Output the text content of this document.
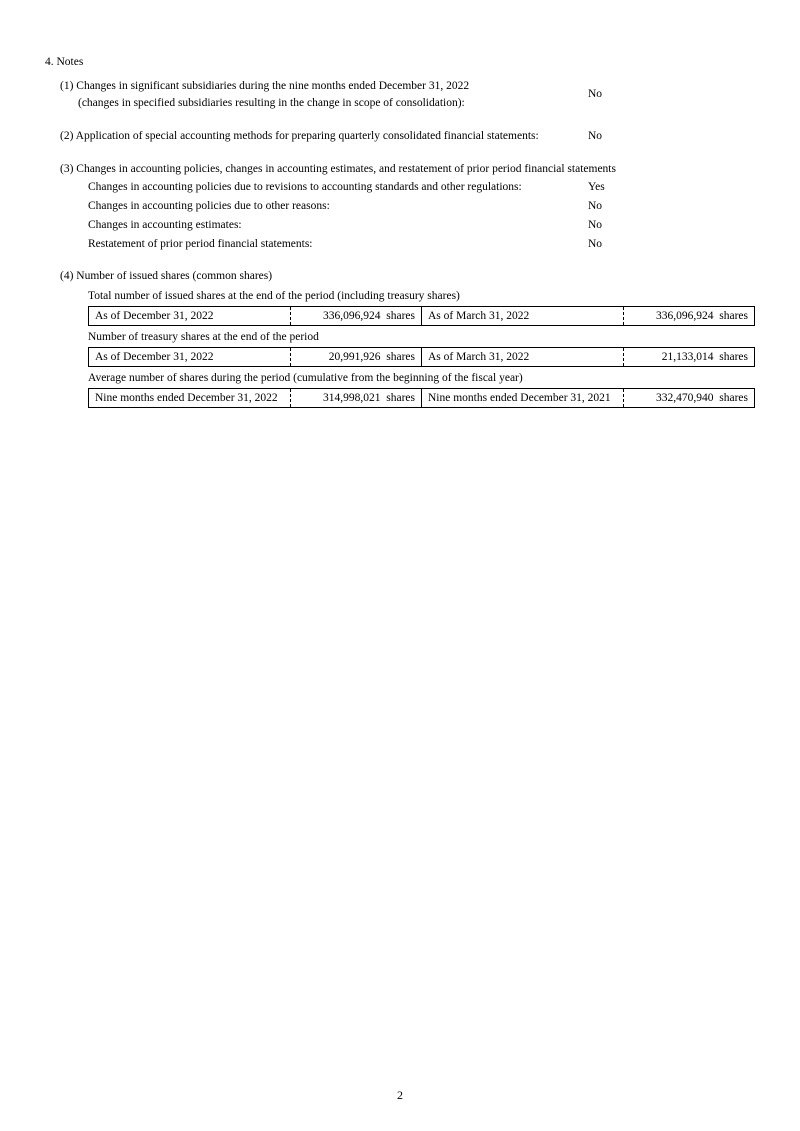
4. Notes
(1) Changes in significant subsidiaries during the nine months ended December 31, 2022
(changes in specified subsidiaries resulting in the change in scope of consolidation):
No
(2) Application of special accounting methods for preparing quarterly consolidated financial statements:	No
(3) Changes in accounting policies, changes in accounting estimates, and restatement of prior period financial statements
Changes in accounting policies due to revisions to accounting standards and other regulations:	Yes
Changes in accounting policies due to other reasons:	No
Changes in accounting estimates:	No
Restatement of prior period financial statements:	No
(4) Number of issued shares (common shares)
Total number of issued shares at the end of the period (including treasury shares)
As of December 31, 2022	336,096,924  shares	As of March 31, 2022	336,096,924  shares
Number of treasury shares at the end of the period
As of December 31, 2022	20,991,926  shares	As of March 31, 2022	21,133,014  shares
Average number of shares during the period (cumulative from the beginning of the fiscal year)
Nine months ended December 31, 2022	314,998,021  shares	Nine months ended December 31, 2021	332,470,940  shares
2
